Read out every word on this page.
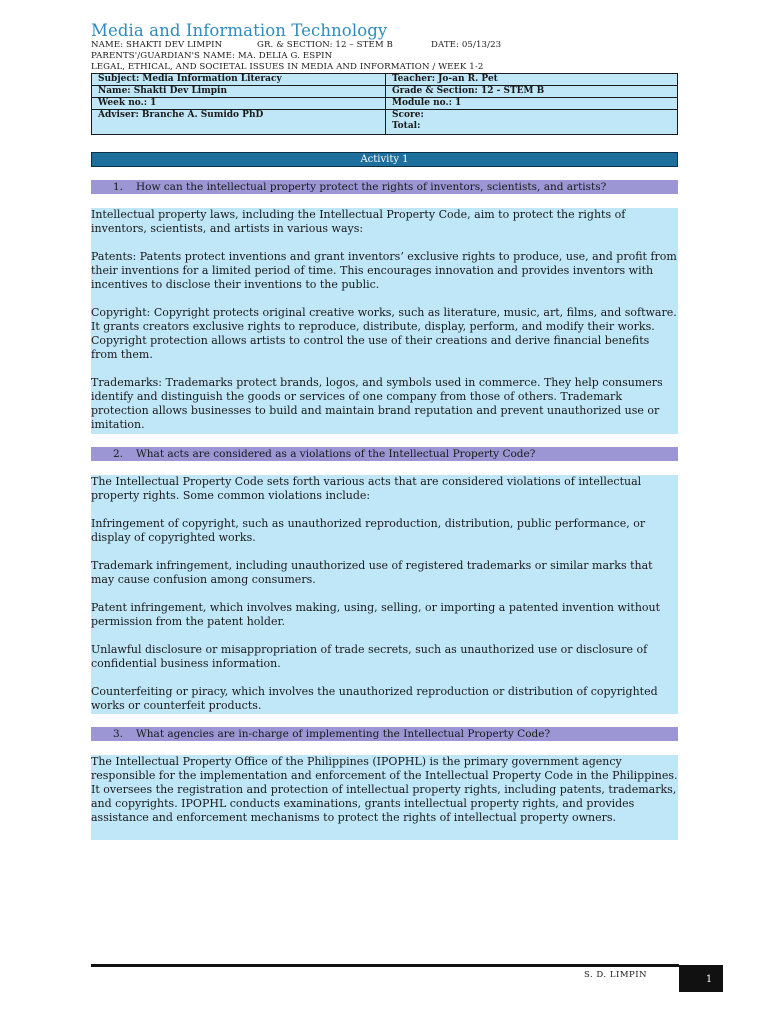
Media and Information Technology
NAME: SHAKTI DEV LIMPIN	GR. & SECTION: 12 – STEM B	DATE: 05/13/23
PARENTS'/GUARDIAN'S NAME: MA. DELIA G. ESPIN
LEGAL, ETHICAL, AND SOCIETAL ISSUES IN MEDIA AND INFORMATION / WEEK 1-2
Subject: Media Information Literacy	Teacher: Jo-an R. Pet
Name: Shakti Dev Limpin	Grade & Section: 12 - STEM B
Week no.: 1	Module no.: 1
Adviser: Branche A. Sumido PhD	Score:
Total:
Activity 1
1. How can the intellectual property protect the rights of inventors, scientists, and artists?

Intellectual property laws, including the Intellectual Property Code, aim to protect the rights of inventors, scientists, and artists in various ways:

Patents: Patents protect inventions and grant inventors’ exclusive rights to produce, use, and profit from their inventions for a limited period of time. This encourages innovation and provides inventors with incentives to disclose their inventions to the public.

Copyright: Copyright protects original creative works, such as literature, music, art, films, and software. It grants creators exclusive rights to reproduce, distribute, display, perform, and modify their works. Copyright protection allows artists to control the use of their creations and derive financial benefits from them.

Trademarks: Trademarks protect brands, logos, and symbols used in commerce. They help consumers identify and distinguish the goods or services of one company from those of others. Trademark protection allows businesses to build and maintain brand reputation and prevent unauthorized use or imitation.

2. What acts are considered as a violations of the Intellectual Property Code?

The Intellectual Property Code sets forth various acts that are considered violations of intellectual property rights. Some common violations include:

Infringement of copyright, such as unauthorized reproduction, distribution, public performance, or display of copyrighted works.

Trademark infringement, including unauthorized use of registered trademarks or similar marks that may cause confusion among consumers.

Patent infringement, which involves making, using, selling, or importing a patented invention without permission from the patent holder.

Unlawful disclosure or misappropriation of trade secrets, such as unauthorized use or disclosure of confidential business information.

Counterfeiting or piracy, which involves the unauthorized reproduction or distribution of copyrighted works or counterfeit products.

3. What agencies are in-charge of implementing the Intellectual Property Code?

The Intellectual Property Office of the Philippines (IPOPHL) is the primary government agency responsible for the implementation and enforcement of the Intellectual Property Code in the Philippines. It oversees the registration and protection of intellectual property rights, including patents, trademarks, and copyrights. IPOPHL conducts examinations, grants intellectual property rights, and provides assistance and enforcement mechanisms to protect the rights of intellectual property owners.

S. D. LIMPIN	1
